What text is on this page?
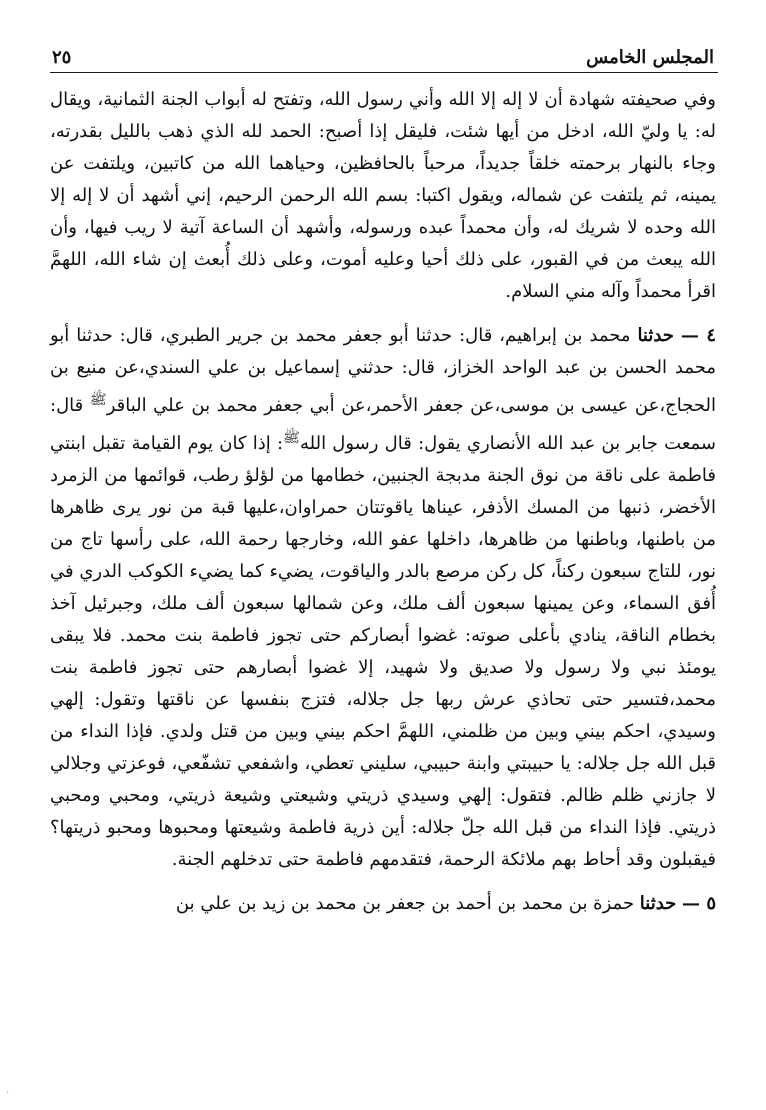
المجلس الخامس
٢٥

وفي صحيفته شهادة أن لا إله إلا الله وأني رسول الله، وتفتح له أبواب الجنة الثمانية، ويقال له: يا وليّ الله، ادخل من أيها شئت، فليقل إذا أصبح: الحمد لله الذي ذهب بالليل بقدرته، وجاء بالنهار برحمته خلقاً جديداً، مرحباً بالحافظين، وحياهما الله من كاتبين، ويلتفت عن يمينه، ثم يلتفت عن شماله، ويقول اكتبا: بسم الله الرحمن الرحيم، إني أشهد أن لا إله إلا الله وحده لا شريك له، وأن محمداً عبده ورسوله، وأشهد أن الساعة آتية لا ريب فيها، وأن الله يبعث من في القبور، على ذلك أحيا وعليه أموت، وعلى ذلك أُبعث إن شاء الله، اللهمَّ اقرأ محمداً وآله مني السلام.

٤ — حدثنا محمد بن إبراهيم، قال: حدثنا أبو جعفر محمد بن جرير الطبري، قال: حدثنا أبو محمد الحسن بن عبد الواحد الخزاز، قال: حدثني إسماعيل بن علي السندي،عن منيع بن الحجاج،عن عيسى بن موسى،عن جعفر الأحمر،عن أبي جعفر محمد بن علي الباقر$^ﷺ$ قال: سمعت جابر بن عبد الله الأنصاري يقول: قال رسول الله$^ﷺ$: إذا كان يوم القيامة تقبل ابنتي فاطمة على ناقة من نوق الجنة مدبجة الجنبين، خطامها من لؤلؤ رطب، قوائمها من الزمرد الأخضر، ذنبها من المسك الأذفر، عيناها ياقوتتان حمراوان،عليها قبة من نور يرى ظاهرها من باطنها، وباطنها من ظاهرها، داخلها عفو الله، وخارجها رحمة الله، على رأسها تاج من نور، للتاج سبعون ركناً، كل ركن مرصع بالدر والياقوت، يضيء كما يضيء الكوكب الدري في أُفق السماء، وعن يمينها سبعون ألف ملك، وعن شمالها سبعون ألف ملك، وجبرئيل آخذ بخطام الناقة، ينادي بأعلى صوته: غضوا أبصاركم حتى تجوز فاطمة بنت محمد. فلا يبقى يومئذ نبي ولا رسول ولا صديق ولا شهيد، إلا غضوا أبصارهم حتى تجوز فاطمة بنت محمد،فتسير حتى تحاذي عرش ربها جل جلاله، فتزج بنفسها عن ناقتها وتقول: إلهي وسيدي، احكم بيني وبين من ظلمني، اللهمَّ احكم بيني وبين من قتل ولدي. فإذا النداء من قبل الله جل جلاله: يا حبيبتي وابنة حبيبي، سليني تعطي، واشفعي تشفّعي، فوعزتي وجلالي لا جازني ظلم ظالم. فتقول: إلهي وسيدي ذريتي وشيعتي وشيعة ذريتي، ومحبي ومحبي ذريتي. فإذا النداء من قبل الله جلّ جلاله: أين ذرية فاطمة وشيعتها ومحبوها ومحبو ذريتها؟ فيقبلون وقد أحاط بهم ملائكة الرحمة، فتقدمهم فاطمة حتى تدخلهم الجنة.

٥ — حدثنا حمزة بن محمد بن أحمد بن جعفر بن محمد بن زيد بن علي بن

·
